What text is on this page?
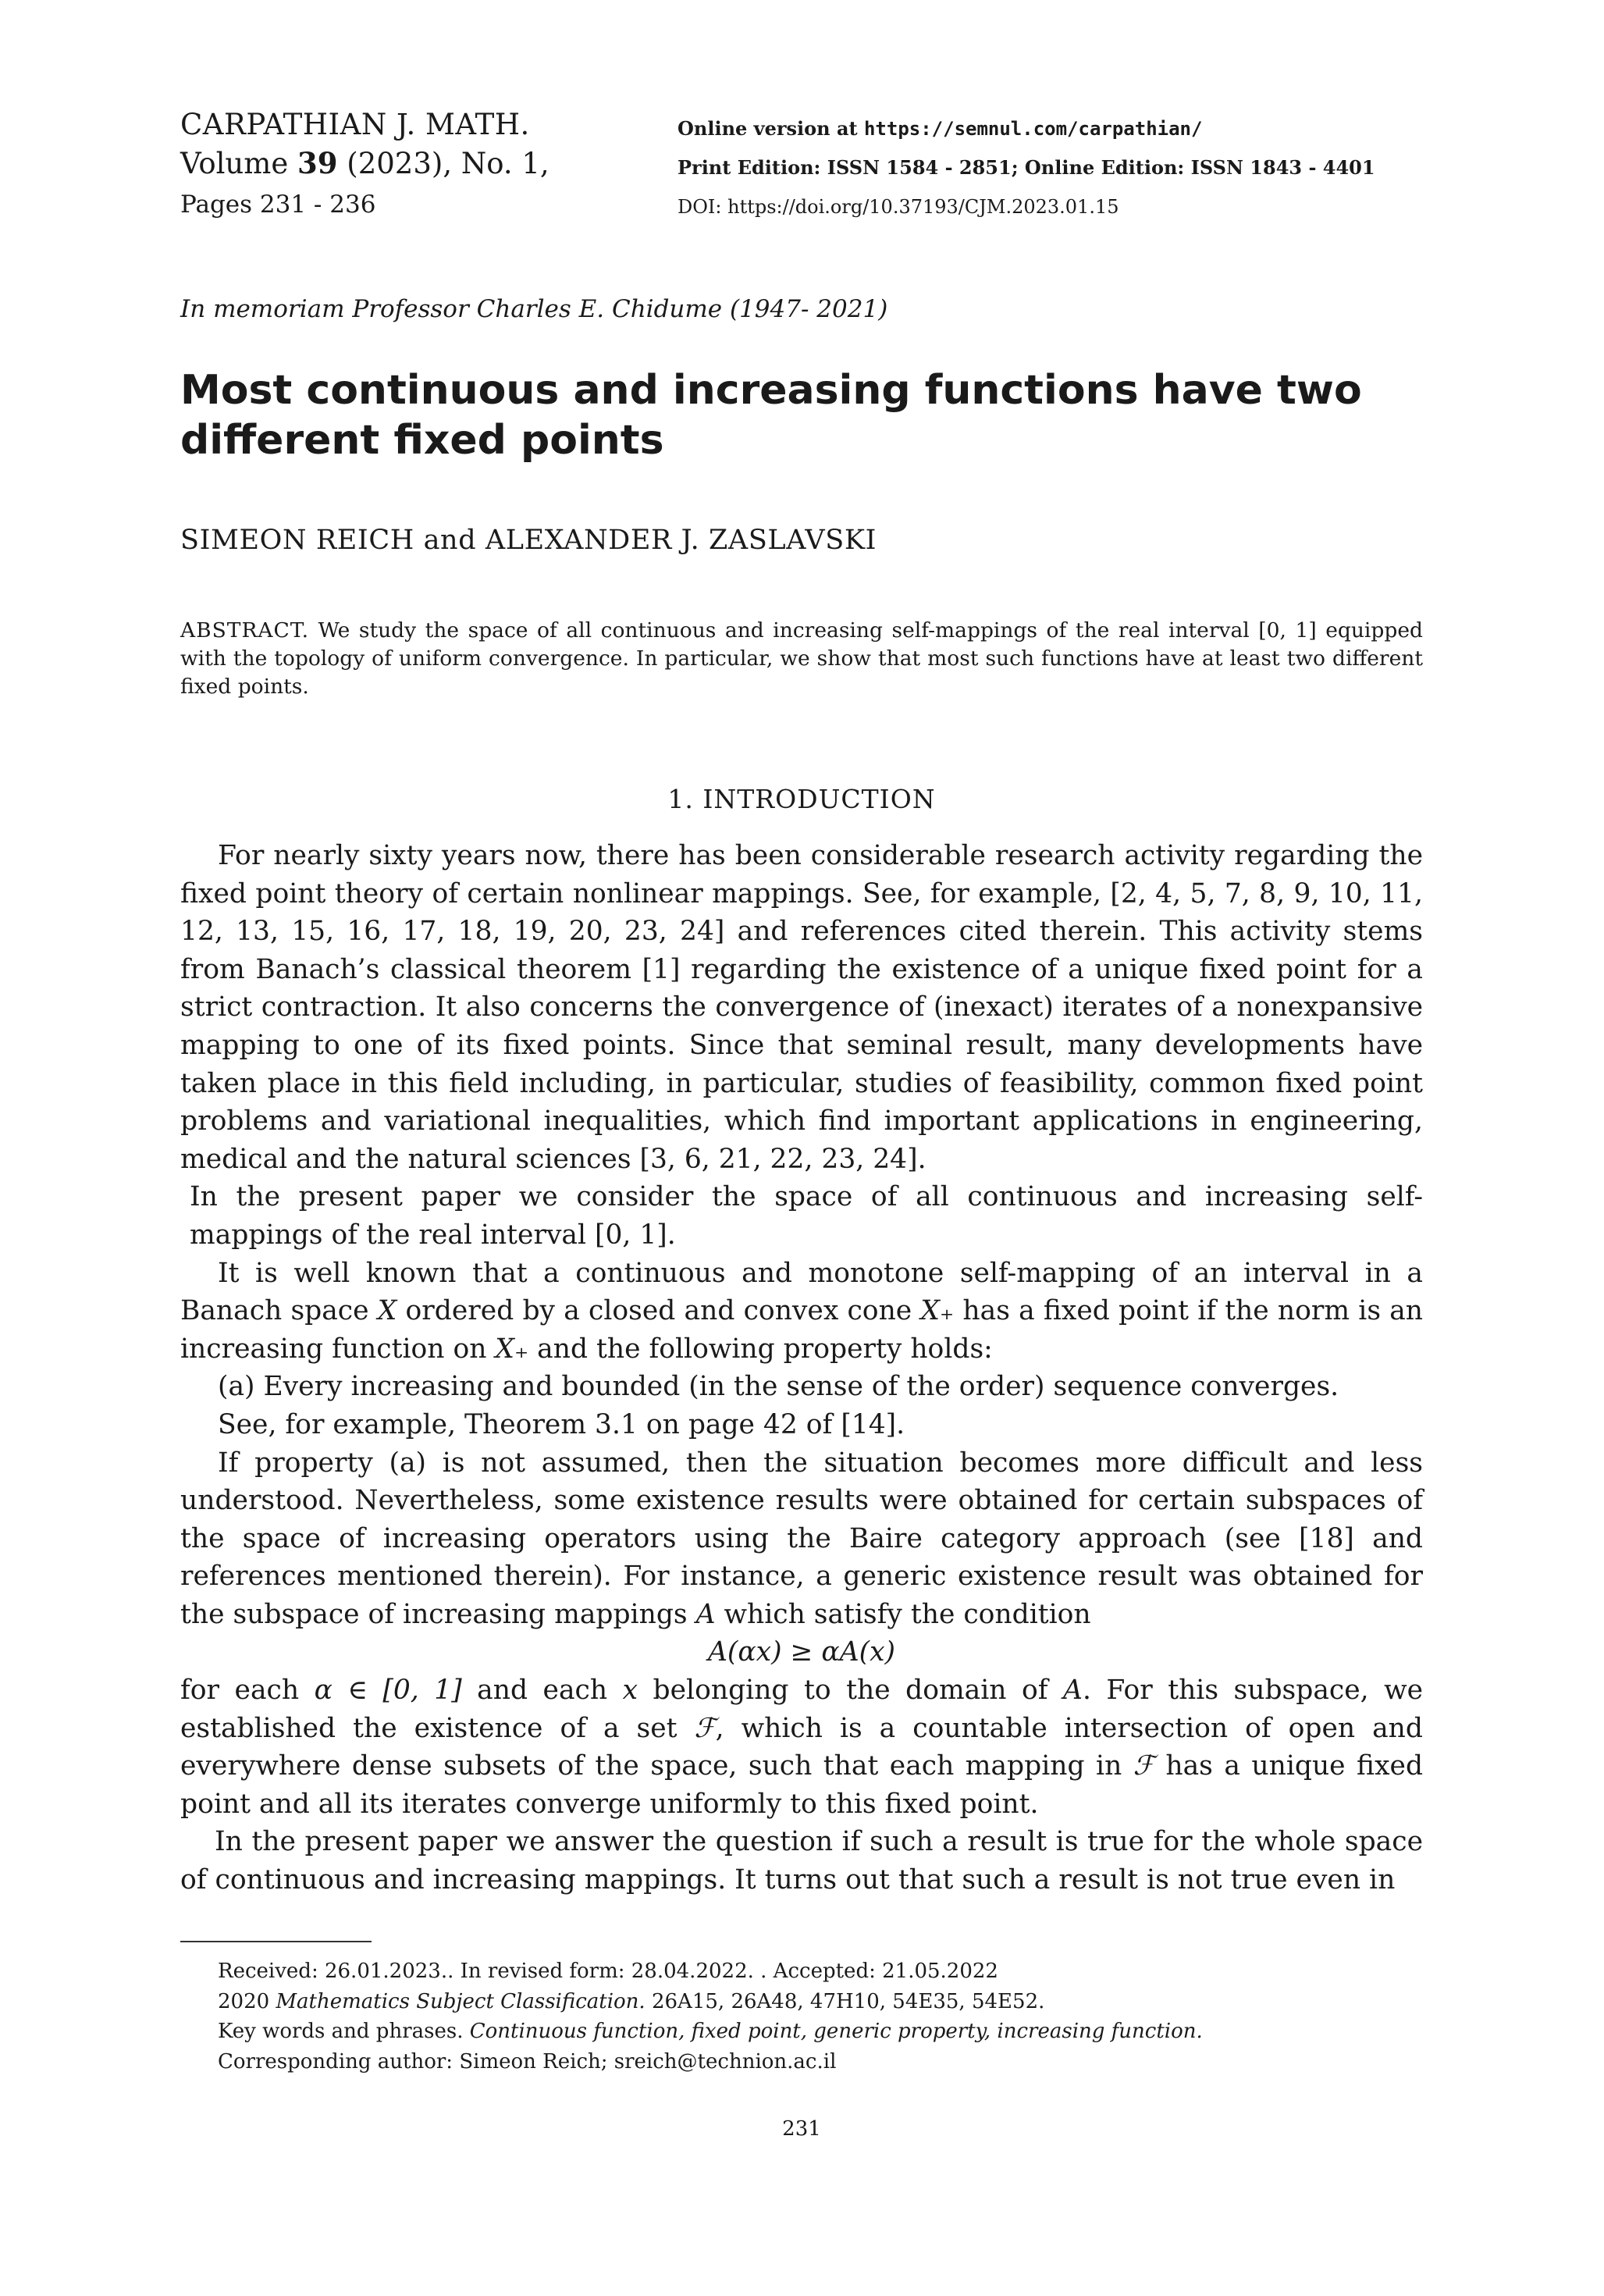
CARPATHIAN J. MATH.
Volume 39 (2023), No. 1,
Pages 231 - 236
Online version at https://semnul.com/carpathian/
Print Edition: ISSN 1584 - 2851; Online Edition: ISSN 1843 - 4401
DOI: https://doi.org/10.37193/CJM.2023.01.15
In memoriam Professor Charles E. Chidume (1947- 2021)
Most continuous and increasing functions have two
different fixed points
SIMEON REICH and ALEXANDER J. ZASLAVSKI

ABSTRACT. We study the space of all continuous and increasing self-mappings of the real interval [0, 1] equipped with the topology of uniform convergence. In particular, we show that most such functions have at least two different fixed points.

1. INTRODUCTION

For nearly sixty years now, there has been considerable research activity regarding the fixed point theory of certain nonlinear mappings. See, for example, [2, 4, 5, 7, 8, 9, 10, 11, 12, 13, 15, 16, 17, 18, 19, 20, 23, 24] and references cited therein. This activity stems from Banach’s classical theorem [1] regarding the existence of a unique fixed point for a strict contraction. It also concerns the convergence of (inexact) iterates of a nonexpansive mapping to one of its fixed points. Since that seminal result, many developments have taken place in this field including, in particular, studies of feasibility, common fixed point problems and variational inequalities, which find important applications in engineering, medical and the natural sciences [3, 6, 21, 22, 23, 24].

In the present paper we consider the space of all continuous and increasing self-mappings of the real interval [0, 1].

It is well known that a continuous and monotone self-mapping of an interval in a Banach space X ordered by a closed and convex cone X₊ has a fixed point if the norm is an increasing function on X₊ and the following property holds:

(a) Every increasing and bounded (in the sense of the order) sequence converges.

See, for example, Theorem 3.1 on page 42 of [14].

If property (a) is not assumed, then the situation becomes more difficult and less understood. Nevertheless, some existence results were obtained for certain subspaces of the space of increasing operators using the Baire category approach (see [18] and references mentioned therein). For instance, a generic existence result was obtained for the subspace of increasing mappings A which satisfy the condition

A(αx) ≥ αA(x)

for each α ∈ [0, 1] and each x belonging to the domain of A. For this subspace, we established the existence of a set ℱ, which is a countable intersection of open and everywhere dense subsets of the space, such that each mapping in ℱ has a unique fixed point and all its iterates converge uniformly to this fixed point.

In the present paper we answer the question if such a result is true for the whole space of continuous and increasing mappings. It turns out that such a result is not true even in

Received: 26.01.2023.. In revised form: 28.04.2022. . Accepted: 21.05.2022
2020 Mathematics Subject Classification. 26A15, 26A48, 47H10, 54E35, 54E52.
Key words and phrases. Continuous function, fixed point, generic property, increasing function.
Corresponding author: Simeon Reich; sreich@technion.ac.il
231
